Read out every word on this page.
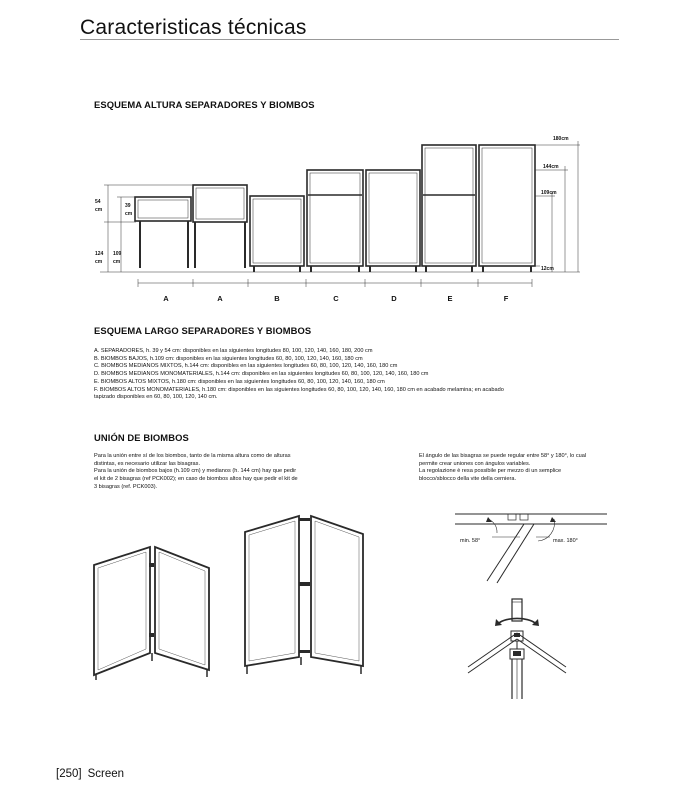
Caracteristicas técnicas
ESQUEMA ALTURA SEPARADORES Y BIOMBOS
180cm
144cm
109cm
12cm
54
cm
39
cm
124
cm
109
cm
A	A	B	C	D	E	F
ESQUEMA LARGO SEPARADORES Y BIOMBOS
A. SEPARADORES, h. 39 y 54 cm: disponibles en las siguientes longitudes 80, 100, 120, 140, 160, 180, 200 cm
B. BIOMBOS BAJOS, h.109 cm: disponibles en las siguientes longitudes 60, 80, 100, 120, 140, 160, 180 cm
C. BIOMBOS MEDIANOS MIXTOS, h.144 cm: disponibles en las siguientes longitudes 60, 80, 100, 120, 140, 160, 180 cm
D. BIOMBOS MEDIANOS MONOMATERIALES, h.144 cm: disponibles en las siguientes longitudes 60, 80, 100, 120, 140, 160, 180 cm
E. BIOMBOS ALTOS MIXTOS, h.180 cm: disponibles en las siguientes longitudes 60, 80, 100, 120, 140, 160, 180 cm
F. BIOMBOS ALTOS MONOMATERIALES, h.180 cm: disponibles en las siguientes longitudes 60, 80, 100, 120, 140, 160, 180 cm en acabado melamina; en acabado
tapizado disponibles en 60, 80, 100, 120, 140 cm.
UNIÓN DE BIOMBOS
Para la unión entre sí de los biombos, tanto de la misma altura como de alturas
distintas, es necesario utilizar las bisagras.
Para la unión de biombos bajos (h.109 cm) y medianos (h. 144 cm) hay que pedir
el kit de 2 bisagras (ref PCK002); en caso de biombos altos hay que pedir el kit de
3 bisagras (ref. PCK003).
El ángulo de las bisagras se puede regular entre 58° y 180°, lo cual
permite crear uniones con ángulos variables.
La regolazione è resa possibile per mezzo di un semplice
blocco/sblocco della vite della cerniera.
min. 58°	max. 180°
[250] Screen
